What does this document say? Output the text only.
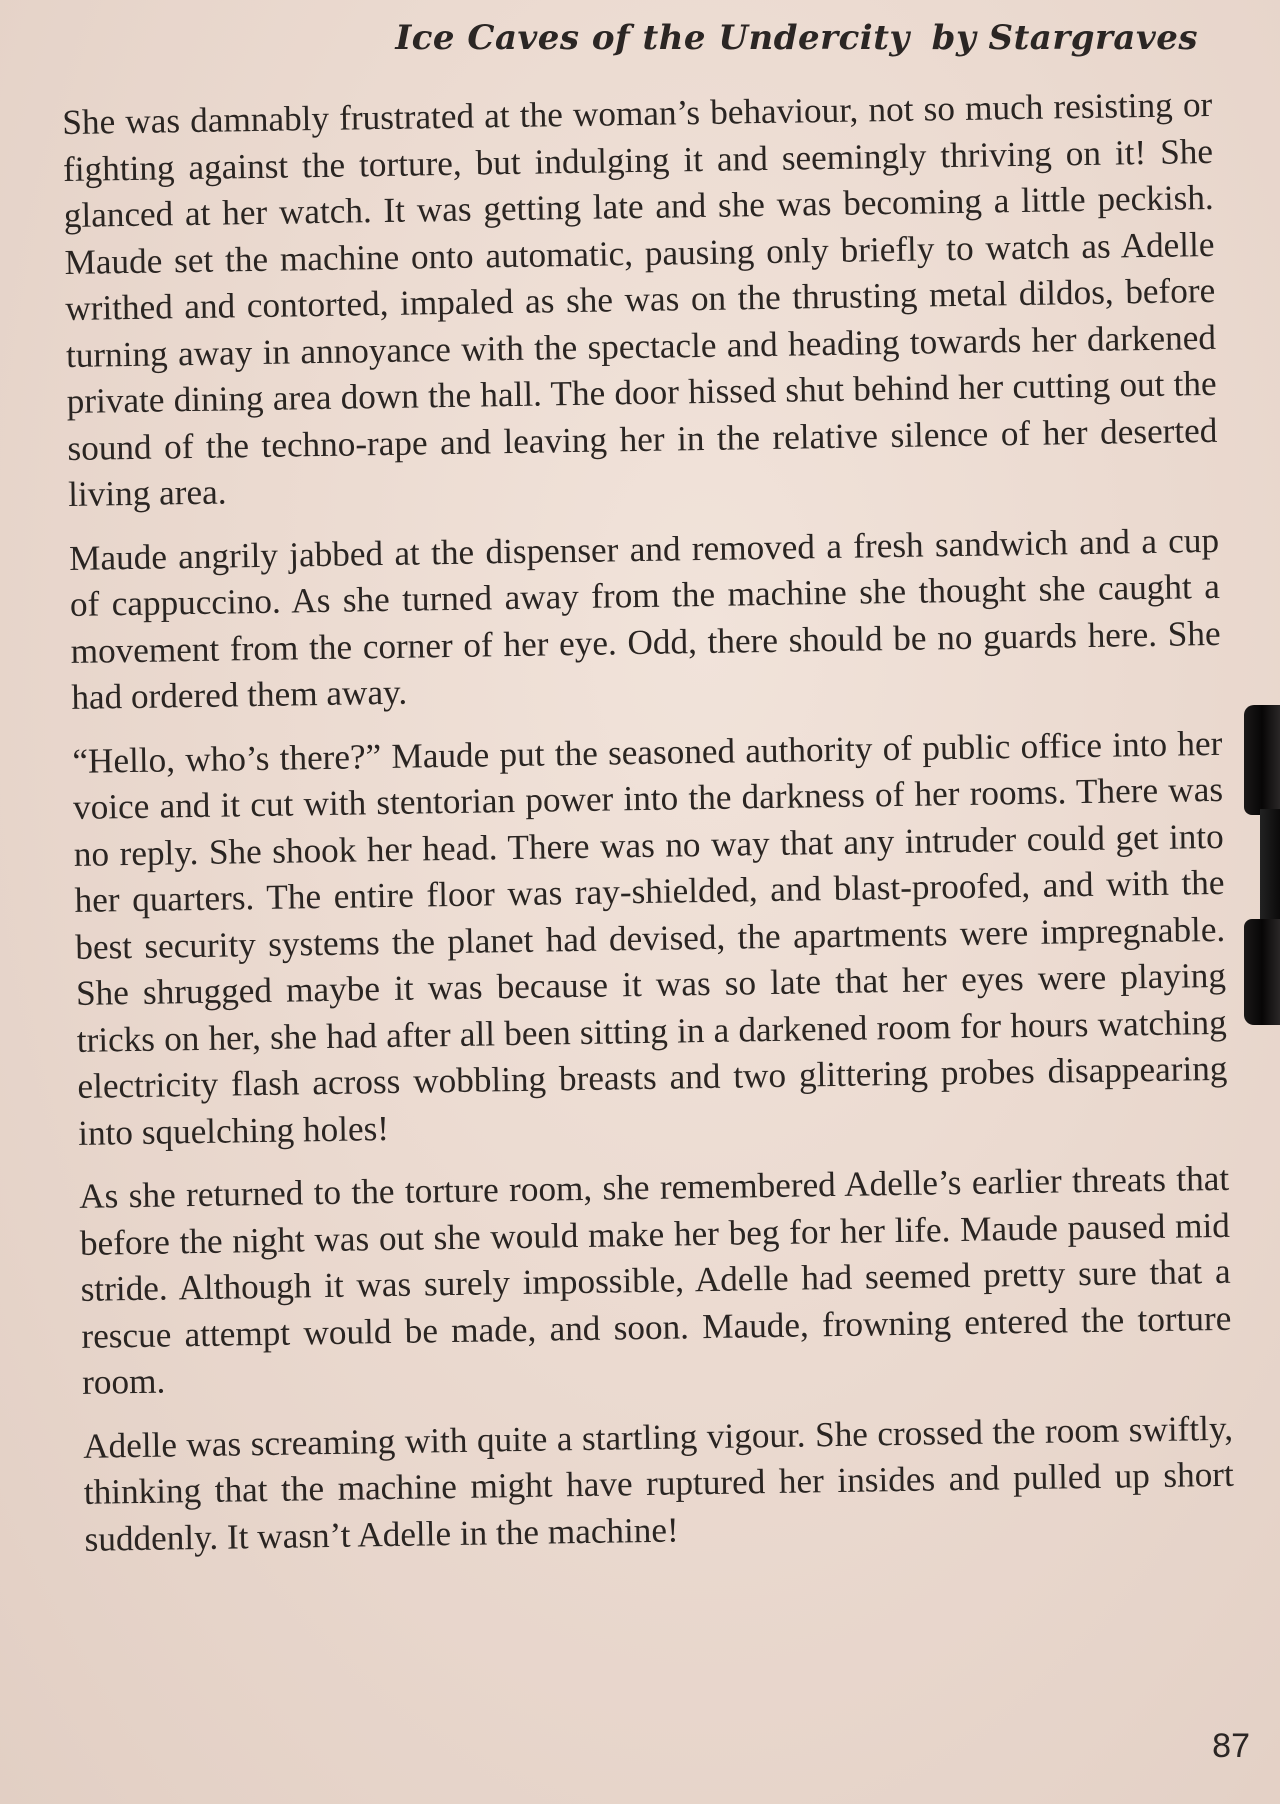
Ice Caves of the Undercity by Stargraves

She was damnably frustrated at the woman’s behaviour, not so much resisting or fighting against the torture, but indulging it and seemingly thriving on it! She glanced at her watch. It was getting late and she was becoming a little peckish. Maude set the machine onto automatic, pausing only briefly to watch as Adelle writhed and contorted, impaled as she was on the thrusting metal dildos, before turning away in annoyance with the spectacle and heading towards her darkened private dining area down the hall. The door hissed shut behind her cutting out the sound of the techno-rape and leaving her in the relative silence of her deserted living area.

Maude angrily jabbed at the dispenser and removed a fresh sandwich and a cup of cappuccino. As she turned away from the machine she thought she caught a movement from the corner of her eye. Odd, there should be no guards here. She had ordered them away.

“Hello, who’s there?” Maude put the seasoned authority of public office into her voice and it cut with stentorian power into the darkness of her rooms. There was no reply. She shook her head. There was no way that any intruder could get into her quarters. The entire floor was ray-shielded, and blast-proofed, and with the best security systems the planet had devised, the apartments were impregnable. She shrugged maybe it was because it was so late that her eyes were playing tricks on her, she had after all been sitting in a darkened room for hours watching electricity flash across wobbling breasts and two glittering probes disappearing into squelching holes!

As she returned to the torture room, she remembered Adelle’s earlier threats that before the night was out she would make her beg for her life. Maude paused mid stride. Although it was surely impossible, Adelle had seemed pretty sure that a rescue attempt would be made, and soon. Maude, frowning entered the torture room.

Adelle was screaming with quite a startling vigour. She crossed the room swiftly, thinking that the machine might have ruptured her insides and pulled up short suddenly. It wasn’t Adelle in the machine!

87
